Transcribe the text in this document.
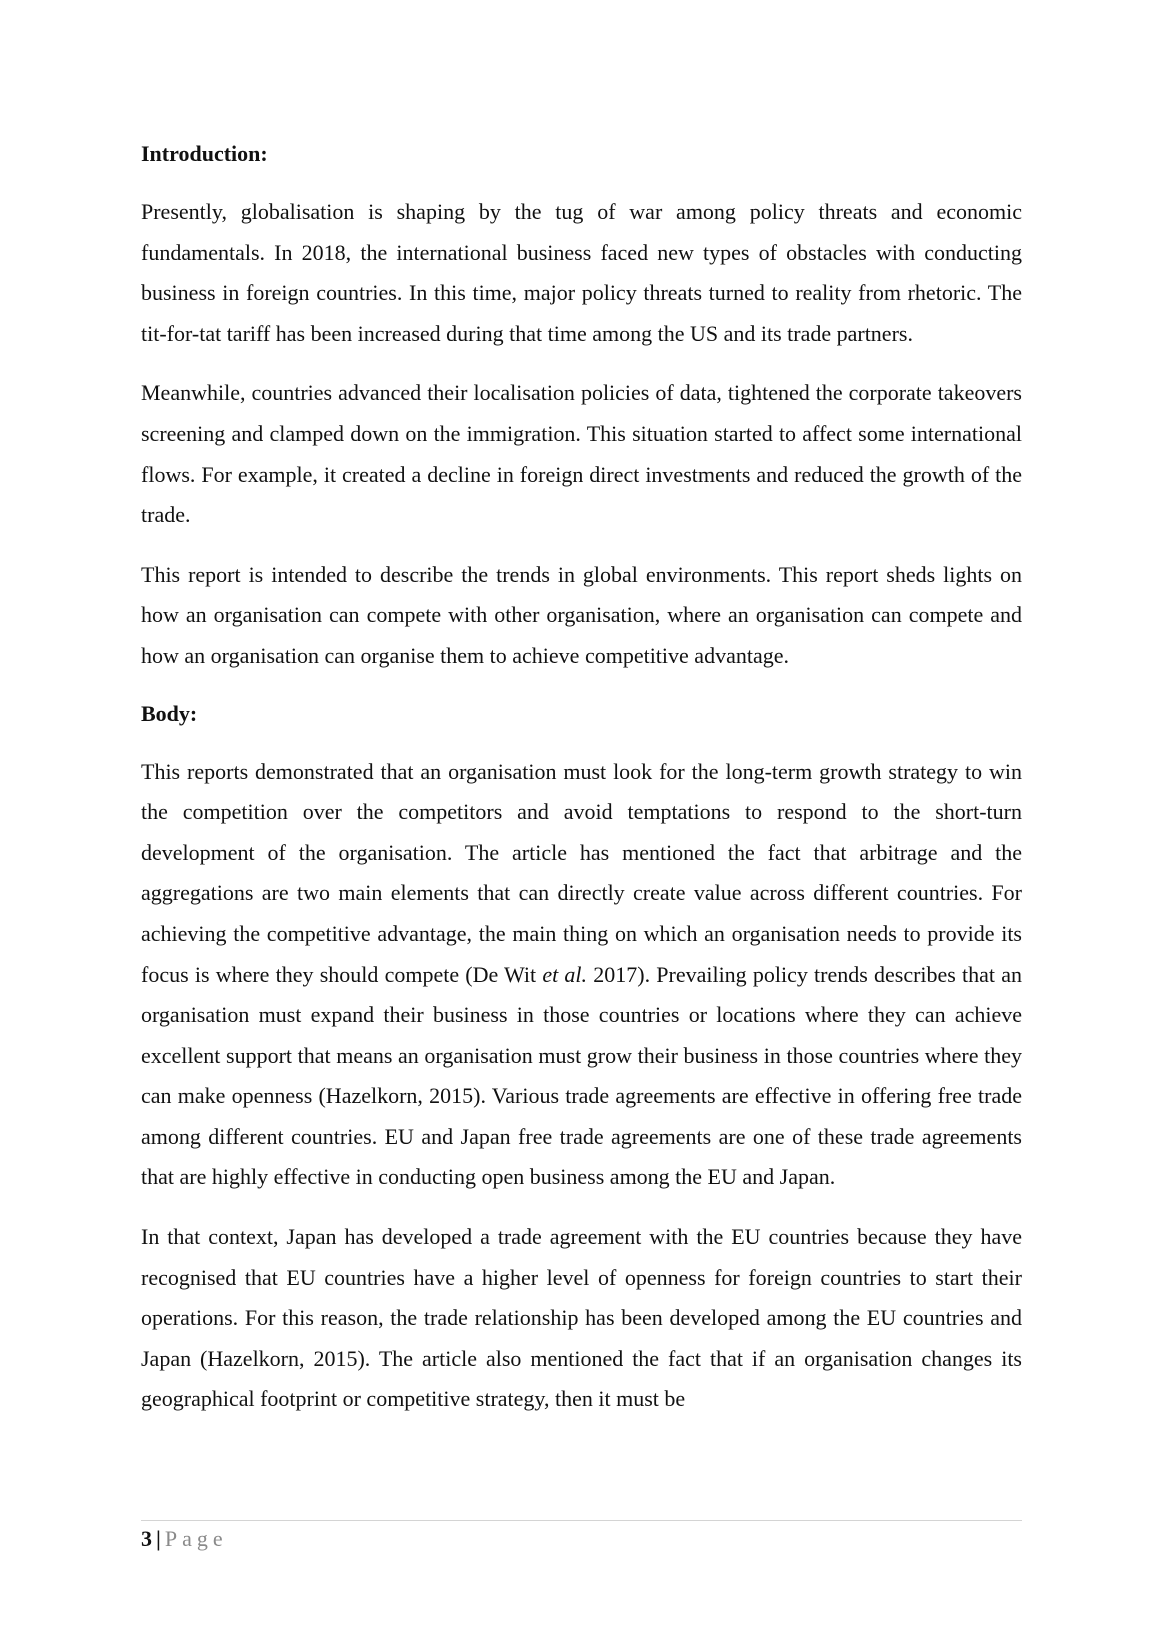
Introduction:

Presently, globalisation is shaping by the tug of war among policy threats and economic fundamentals. In 2018, the international business faced new types of obstacles with conducting business in foreign countries. In this time, major policy threats turned to reality from rhetoric. The tit-for-tat tariff has been increased during that time among the US and its trade partners.

Meanwhile, countries advanced their localisation policies of data, tightened the corporate takeovers screening and clamped down on the immigration. This situation started to affect some international flows. For example, it created a decline in foreign direct investments and reduced the growth of the trade.

This report is intended to describe the trends in global environments. This report sheds lights on how an organisation can compete with other organisation, where an organisation can compete and how an organisation can organise them to achieve competitive advantage.

Body:

This reports demonstrated that an organisation must look for the long-term growth strategy to win the competition over the competitors and avoid temptations to respond to the short-turn development of the organisation. The article has mentioned the fact that arbitrage and the aggregations are two main elements that can directly create value across different countries. For achieving the competitive advantage, the main thing on which an organisation needs to provide its focus is where they should compete (De Wit et al. 2017). Prevailing policy trends describes that an organisation must expand their business in those countries or locations where they can achieve excellent support that means an organisation must grow their business in those countries where they can make openness (Hazelkorn, 2015). Various trade agreements are effective in offering free trade among different countries. EU and Japan free trade agreements are one of these trade agreements that are highly effective in conducting open business among the EU and Japan.

In that context, Japan has developed a trade agreement with the EU countries because they have recognised that EU countries have a higher level of openness for foreign countries to start their operations. For this reason, the trade relationship has been developed among the EU countries and Japan (Hazelkorn, 2015). The article also mentioned the fact that if an organisation changes its geographical footprint or competitive strategy, then it must be

3 | Page
